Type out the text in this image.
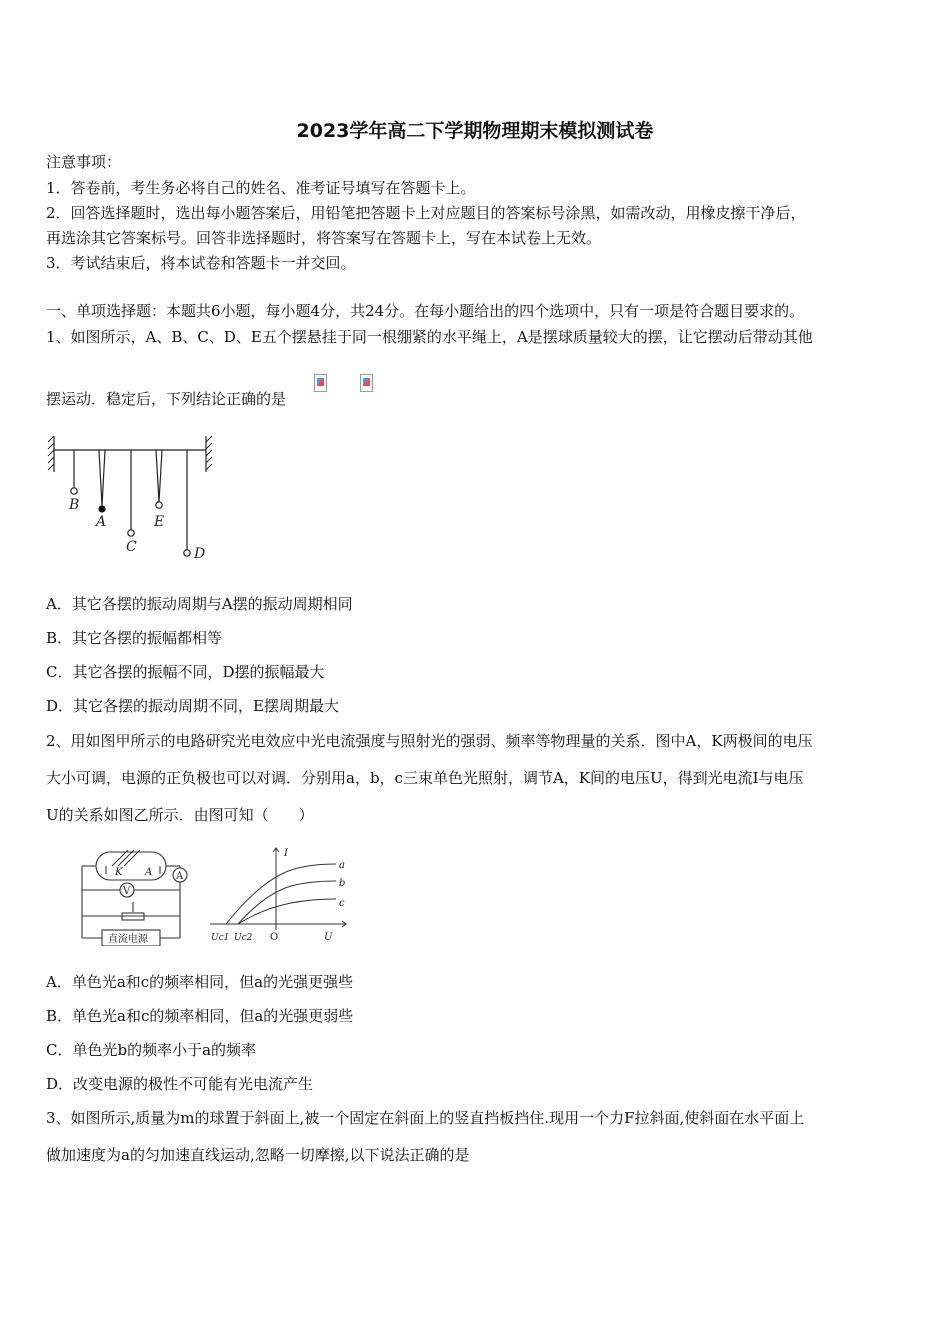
2023学年高二下学期物理期末模拟测试卷
注意事项：
1．答卷前，考生务必将自己的姓名、准考证号填写在答题卡上。
2．回答选择题时，选出每小题答案后，用铅笔把答题卡上对应题目的答案标号涂黑，如需改动，用橡皮擦干净后，
再选涂其它答案标号。回答非选择题时，将答案写在答题卡上，写在本试卷上无效。
3．考试结束后，将本试卷和答题卡一并交回。
一、单项选择题：本题共6小题，每小题4分，共24分。在每小题给出的四个选项中，只有一项是符合题目要求的。
1、如图所示，A、B、C、D、E五个摆悬挂于同一根绷紧的水平绳上，A是摆球质量较大的摆，让它摆动后带动其他
摆运动．稳定后，下列结论正确的是
B
A
C
E
D
A．其它各摆的振动周期与A摆的振动周期相同
B．其它各摆的振幅都相等
C．其它各摆的振幅不同，D摆的振幅最大
D．其它各摆的振动周期不同，E摆周期最大
2、用如图甲所示的电路研究光电效应中光电流强度与照射光的强弱、频率等物理量的关系．图中A，K两极间的电压
大小可调，电源的正负极也可以对调．分别用a，b，c三束单色光照射，调节A，K间的电压U，得到光电流I与电压
U的关系如图乙所示．由图可知（　　）
K A A
V
直流电源
I
U
O
Uc1 Uc2
a
b
c
A．单色光a和c的频率相同，但a的光强更强些
B．单色光a和c的频率相同，但a的光强更弱些
C．单色光b的频率小于a的频率
D．改变电源的极性不可能有光电流产生
3、如图所示,质量为m的球置于斜面上,被一个固定在斜面上的竖直挡板挡住.现用一个力F拉斜面,使斜面在水平面上
做加速度为a的匀加速直线运动,忽略一切摩擦,以下说法正确的是
